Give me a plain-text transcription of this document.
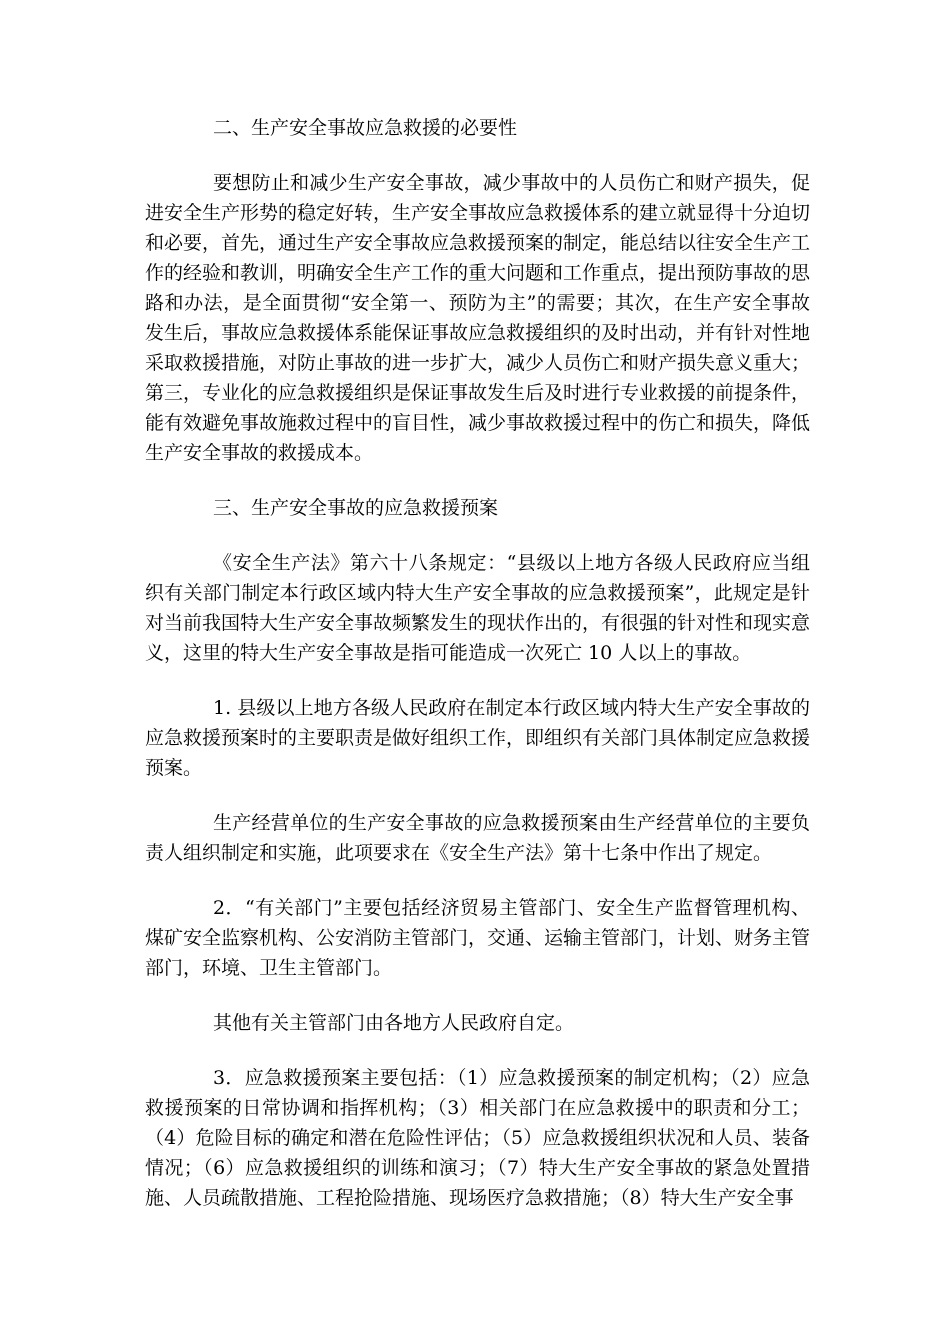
二、生产安全事故应急救援的必要性

要想防止和减少生产安全事故，减少事故中的人员伤亡和财产损失，促进安全生产形势的稳定好转，生产安全事故应急救援体系的建立就显得十分迫切和必要，首先，通过生产安全事故应急救援预案的制定，能总结以往安全生产工作的经验和教训，明确安全生产工作的重大问题和工作重点，提出预防事故的思路和办法，是全面贯彻“安全第一、预防为主”的需要；其次，在生产安全事故发生后，事故应急救援体系能保证事故应急救援组织的及时出动，并有针对性地采取救援措施，对防止事故的进一步扩大，减少人员伤亡和财产损失意义重大；第三，专业化的应急救援组织是保证事故发生后及时进行专业救援的前提条件，能有效避免事故施救过程中的盲目性，减少事故救援过程中的伤亡和损失，降低生产安全事故的救援成本。

三、生产安全事故的应急救援预案

《安全生产法》第六十八条规定：“县级以上地方各级人民政府应当组织有关部门制定本行政区域内特大生产安全事故的应急救援预案”，此规定是针对当前我国特大生产安全事故频繁发生的现状作出的，有很强的针对性和现实意义，这里的特大生产安全事故是指可能造成一次死亡 10 人以上的事故。

1. 县级以上地方各级人民政府在制定本行政区域内特大生产安全事故的应急救援预案时的主要职责是做好组织工作，即组织有关部门具体制定应急救援预案。

生产经营单位的生产安全事故的应急救援预案由生产经营单位的主要负责人组织制定和实施，此项要求在《安全生产法》第十七条中作出了规定。

2．“有关部门”主要包括经济贸易主管部门、安全生产监督管理机构、煤矿安全监察机构、公安消防主管部门，交通、运输主管部门，计划、财务主管部门，环境、卫生主管部门。

其他有关主管部门由各地方人民政府自定。

3．应急救援预案主要包括：（1）应急救援预案的制定机构；（2）应急救援预案的日常协调和指挥机构；（3）相关部门在应急救援中的职责和分工；（4）危险目标的确定和潜在危险性评估；（5）应急救援组织状况和人员、装备情况；（6）应急救援组织的训练和演习；（7）特大生产安全事故的紧急处置措施、人员疏散措施、工程抢险措施、现场医疗急救措施；（8）特大生产安全事
